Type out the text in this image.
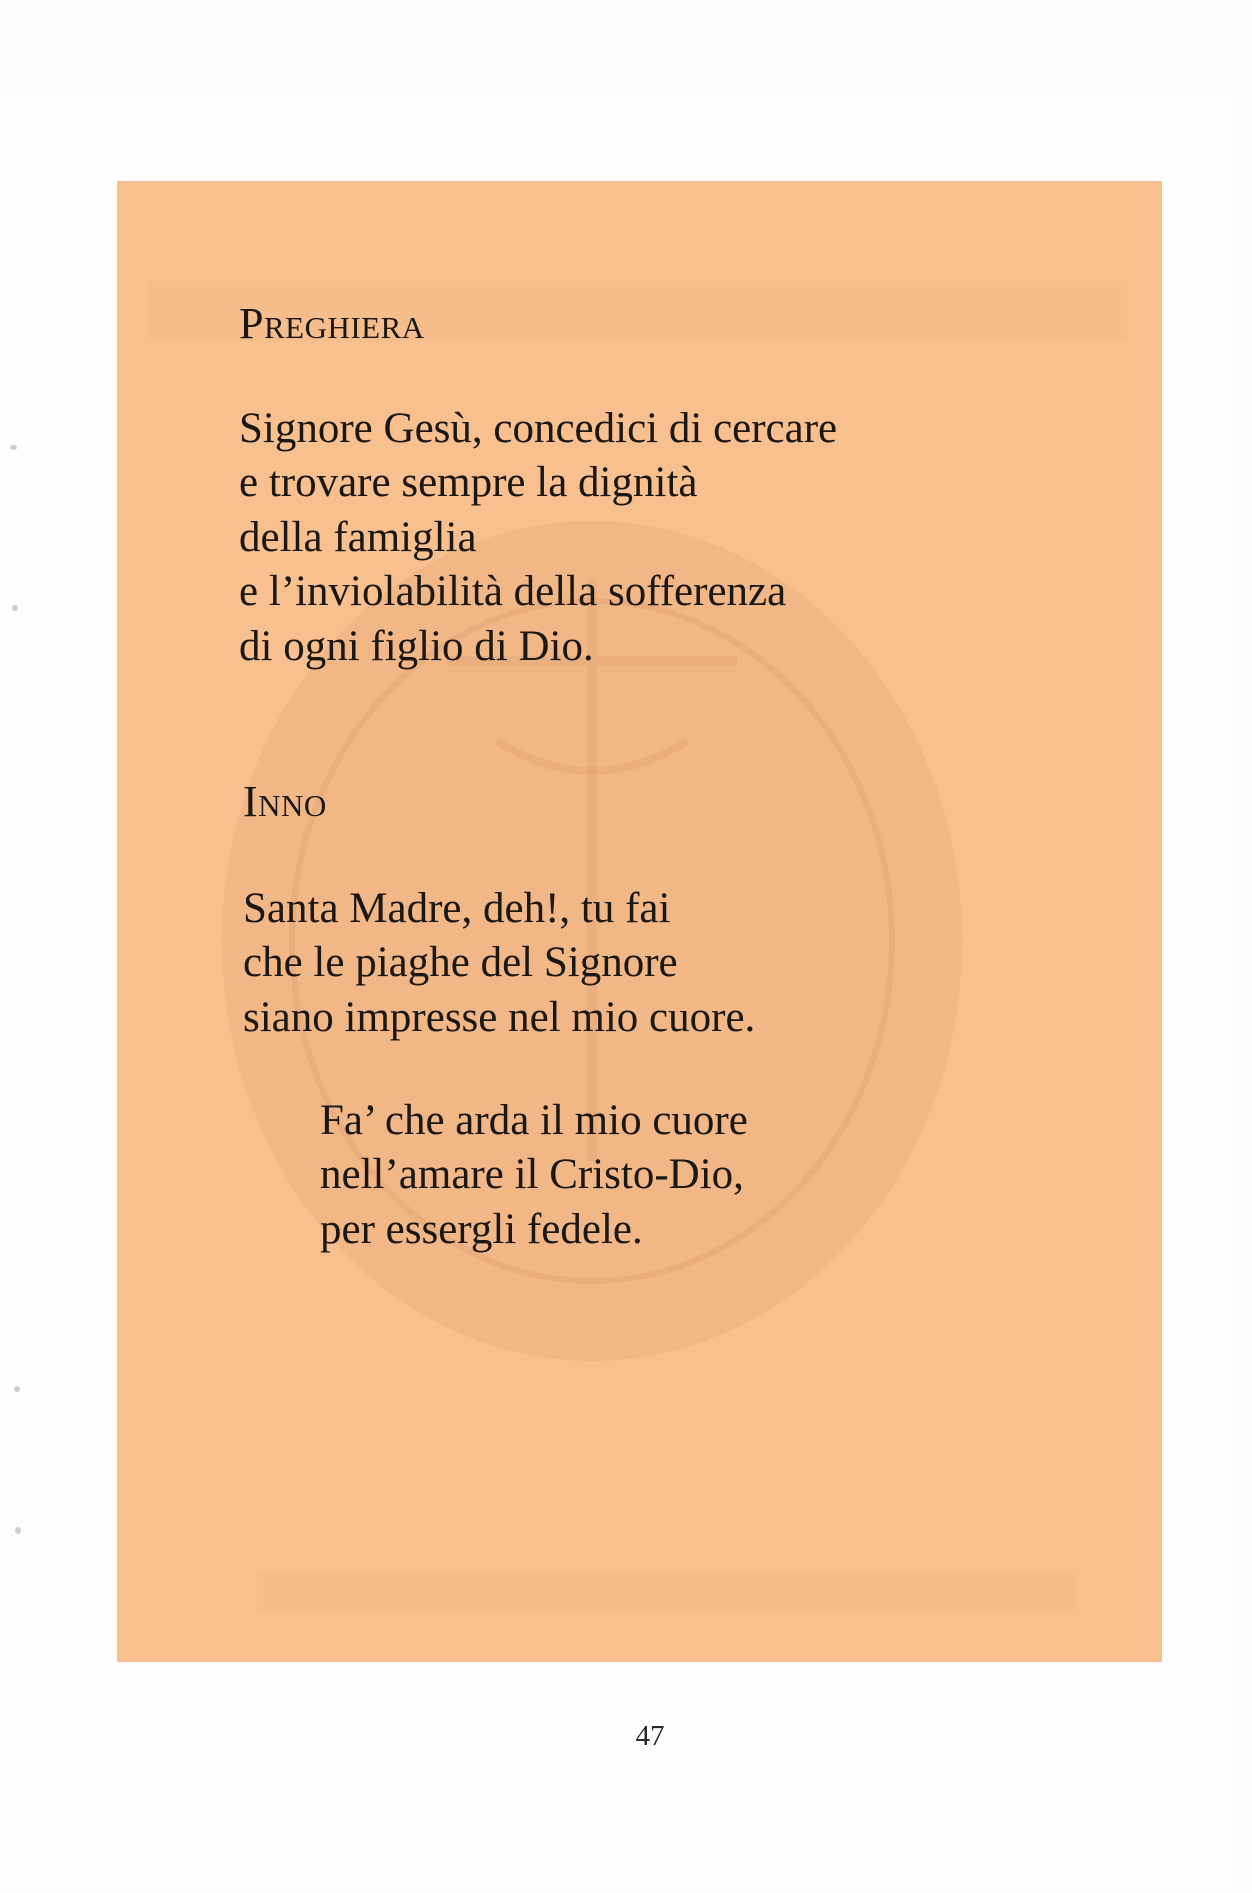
Preghiera

Signore Gesù, concedici di cercare
e trovare sempre la dignità
della famiglia
e l’inviolabilità della sofferenza
di ogni figlio di Dio.

Inno

Santa Madre, deh!, tu fai
che le piaghe del Signore
siano impresse nel mio cuore.

Fa’ che arda il mio cuore
nell’amare il Cristo-Dio,
per essergli fedele.

47
